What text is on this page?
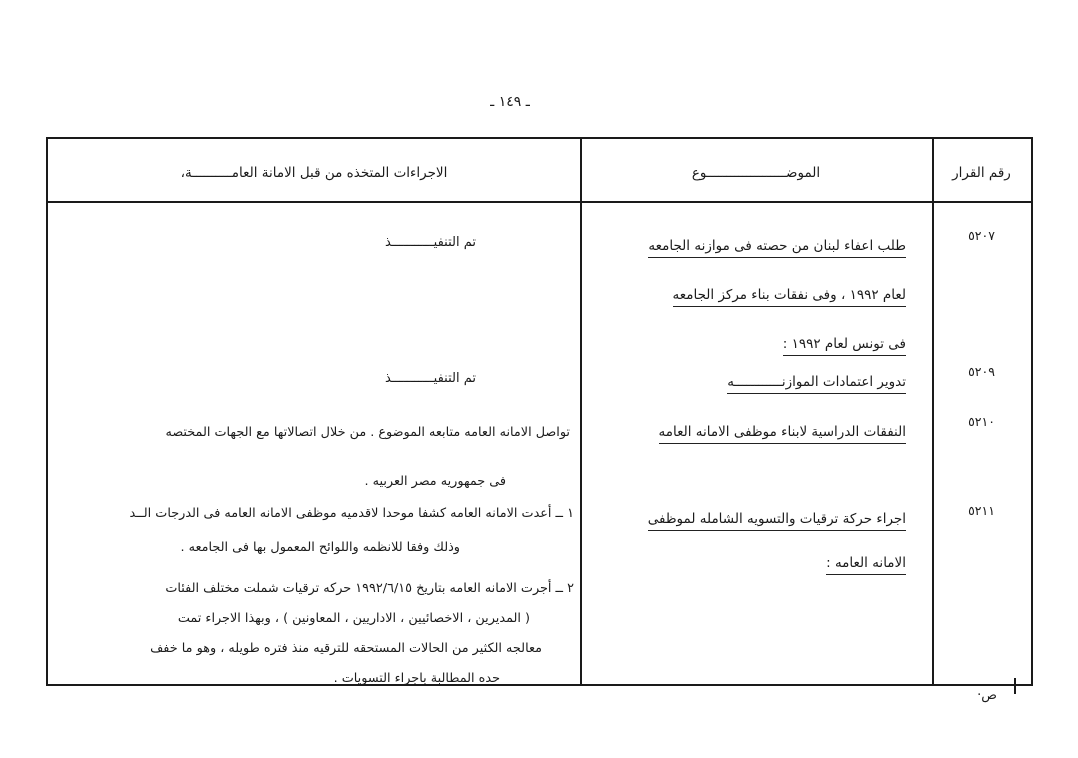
ـ ١٤٩ ـ
الاجراءات المتخذه من قبل الامانة العامــــــــــة،	الموضــــــــــــــــــــوع	رقم القرار
٥٢٠٧
طلب اعفاء لبنان من حصته فى موازنه الجامعه
لعام ١٩٩٢ ، وفى نفقات بناء مركز الجامعه
فى تونس لعام ١٩٩٢ :
تم التنفيـــــــــــذ
٥٢٠٩
تدوير اعتمادات الموازنــــــــــــه
تم التنفيـــــــــــذ
٥٢١٠
النفقات الدراسية لابناء موظفى الامانه العامه
تواصل الامانه العامه متابعه الموضوع . من خلال اتصالاتها مع الجهات المختصه
فى جمهوريه مصر العربيه .
٥٢١١
اجراء حركة ترقيات والتسويه الشامله لموظفى
الامانه العامه :
١ ــ أعدت الامانه العامه كشفا موحدا لاقدميه موظفى الامانه العامه فى الدرجات الــد
وذلك وفقا للانظمه واللوائح المعمول بها فى الجامعه .
٢ ــ أجرت الامانه العامه بتاريخ ١٩٩٢/٦/١٥ حركه ترقيات شملت مختلف الفئات
( المديرين ، الاخصائيين ، الاداريين ، المعاونين ) ، وبهذا الاجراء تمت
معالجه الكثير من الحالات المستحقه للترقيه منذ فتره طويله ، وهو ما خفف
حده المطالبة باجراء التسويات .
ص·
